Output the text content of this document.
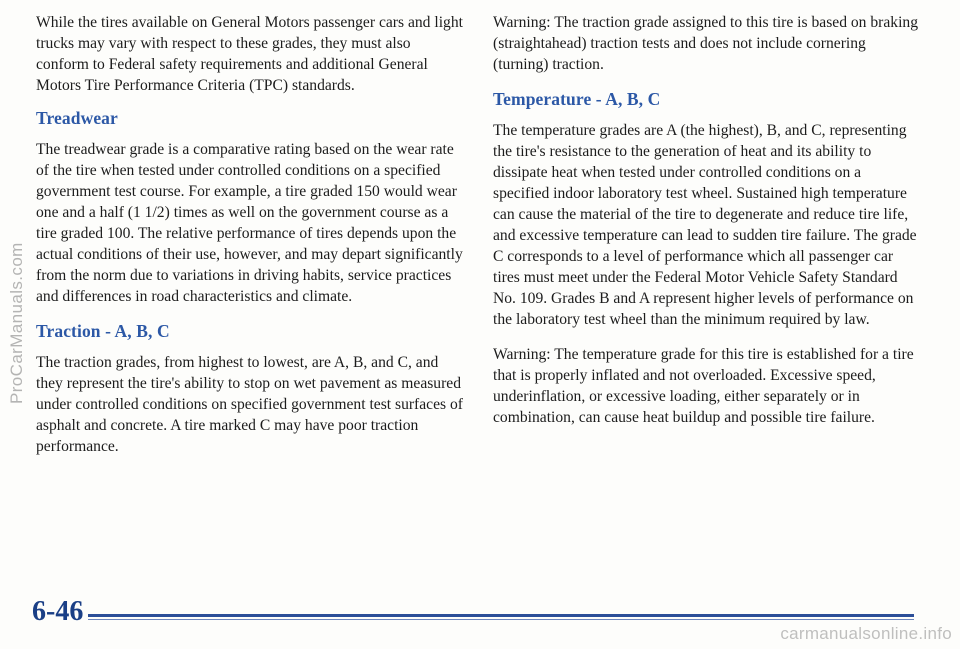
While the tires available on General Motors passenger cars and light trucks may vary with respect to these grades, they must also conform to Federal safety requirements and additional General Motors Tire Performance Criteria (TPC) standards.

Treadwear

The treadwear grade is a comparative rating based on the wear rate of the tire when tested under controlled conditions on a specified government test course. For example, a tire graded 150 would wear one and a half (1 1/2) times as well on the government course as a tire graded 100. The relative performance of tires depends upon the actual conditions of their use, however, and may depart significantly from the norm due to variations in driving habits, service practices and differences in road characteristics and climate.

Traction - A, B, C

The traction grades, from highest to lowest, are A, B, and C, and they represent the tire's ability to stop on wet pavement as measured under controlled conditions on specified government test surfaces of asphalt and concrete. A tire marked C may have poor traction performance.

Warning: The traction grade assigned to this tire is based on braking (straightahead) traction tests and does not include cornering (turning) traction.

Temperature - A, B, C

The temperature grades are A (the highest), B, and C, representing the tire's resistance to the generation of heat and its ability to dissipate heat when tested under controlled conditions on a specified indoor laboratory test wheel. Sustained high temperature can cause the material of the tire to degenerate and reduce tire life, and excessive temperature can lead to sudden tire failure. The grade C corresponds to a level of performance which all passenger car tires must meet under the Federal Motor Vehicle Safety Standard No. 109. Grades B and A represent higher levels of performance on the laboratory test wheel than the minimum required by law.

Warning: The temperature grade for this tire is established for a tire that is properly inflated and not overloaded. Excessive speed, underinflation, or excessive loading, either separately or in combination, can cause heat buildup and possible tire failure.

ProCarManuals.com
6-46
carmanualsonline.info
